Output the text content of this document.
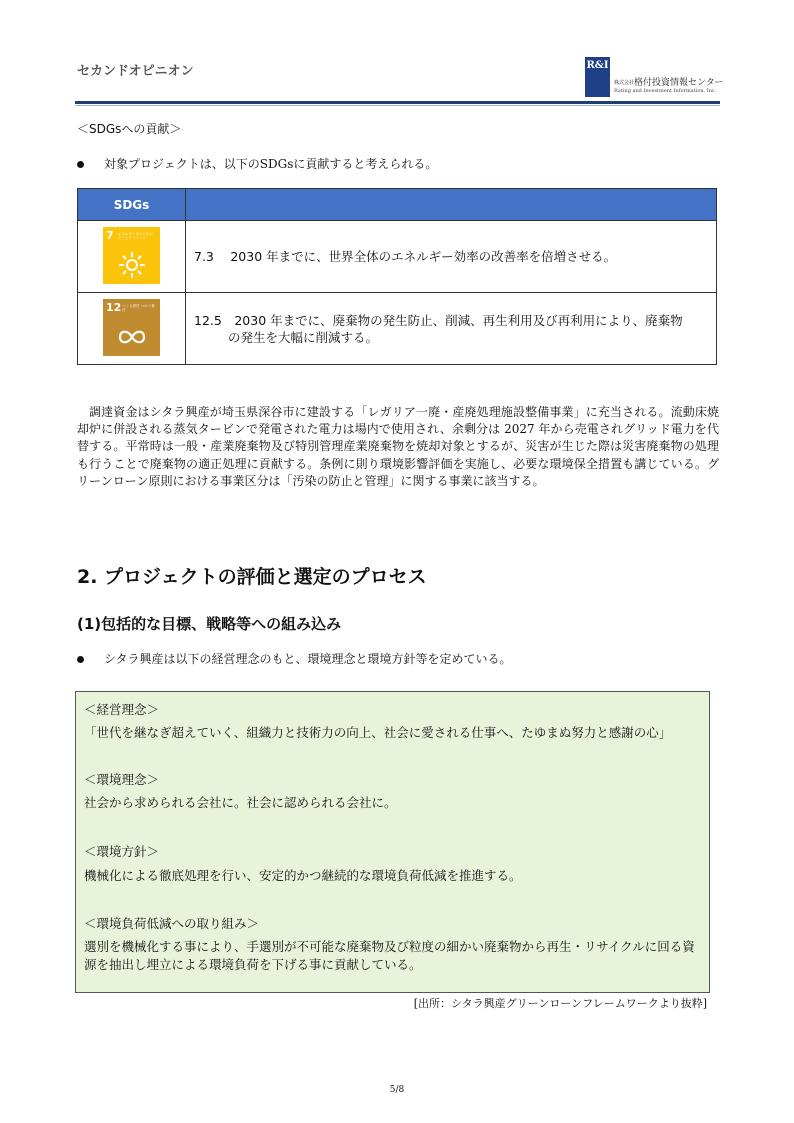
セカンドオピニオン	R&I
株式会社格付投資情報センター
Rating and Investment Information, Inc.
＜SDGsへの貢献＞
対象プロジェクトは、以下のSDGsに貢献すると考えられる。
SDGs	

7 エネルギーをみんなに そしてクリーンに	7.3　 2030 年までに、世界全体のエネルギー効率の改善率を倍増させる。

12 つくる責任 つかう責任	12.5　2030 年までに、廃棄物の発生防止、削減、再生利用及び再利用により、廃棄物
の発生を大幅に削減する。
調達資金はシタラ興産が埼玉県深谷市に建設する「レガリア一廃・産廃処理施設整備事業」に充当される。流動床焼却炉に併設される蒸気タービンで発電された電力は場内で使用され、余剰分は 2027 年から売電されグリッド電力を代替する。平常時は一般・産業廃棄物及び特別管理産業廃棄物を焼却対象とするが、災害が生じた際は災害廃棄物の処理も行うことで廃棄物の適正処理に貢献する。条例に則り環境影響評価を実施し、必要な環境保全措置も講じている。グリーンローン原則における事業区分は「汚染の防止と管理」に関する事業に該当する。
2. プロジェクトの評価と選定のプロセス
(1)包括的な目標、戦略等への組み込み
シタラ興産は以下の経営理念のもと、環境理念と環境方針等を定めている。
＜経営理念＞
「世代を継なぎ超えていく、組織力と技術力の向上、社会に愛される仕事へ、たゆまぬ努力と感謝の心」
＜環境理念＞
社会から求められる会社に。社会に認められる会社に。
＜環境方針＞
機械化による徹底処理を行い、安定的かつ継続的な環境負荷低減を推進する。
＜環境負荷低減への取り組み＞
選別を機械化する事により、手選別が不可能な廃棄物及び粒度の細かい廃棄物から再生・リサイクルに回る資源を抽出し埋立による環境負荷を下げる事に貢献している。
[出所：シタラ興産グリーンローンフレームワークより抜粋]
5/8
